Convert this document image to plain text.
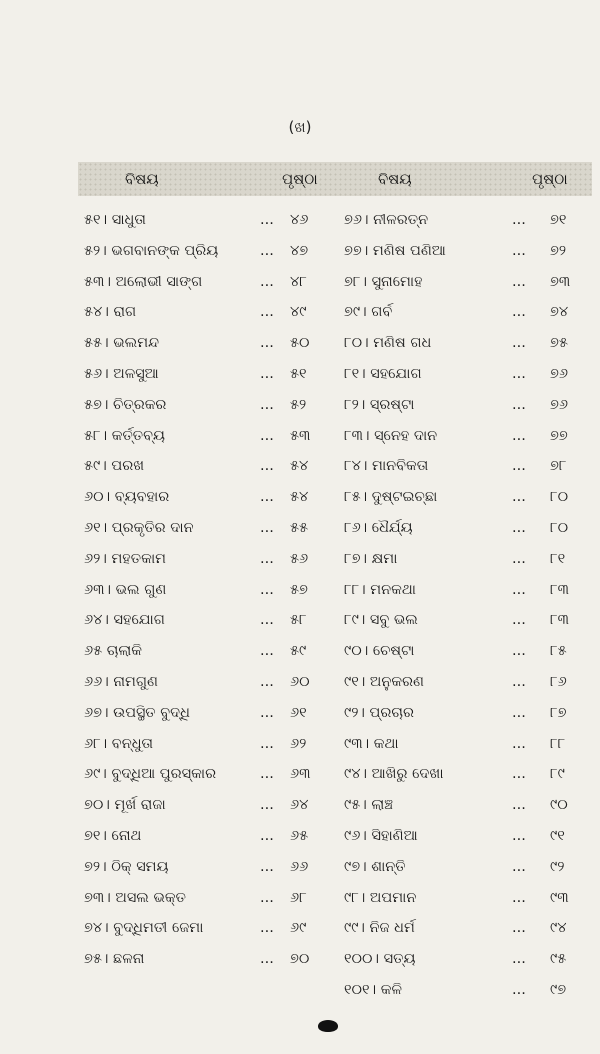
(ଖ)
ବିଷୟ	ପୃଷ୍ଠା	ବିଷୟ	ପୃଷ୍ଠା
୫୧। ସାଧୁତା	... ୪୬
୫୨। ଭଗବାନଙ୍କ ପ୍ରିୟ	... ୪୭
୫୩। ଅଲୋଭୀ ସାଙ୍ଗ	... ୪୮
୫୪। ରାଗ	... ୪୯
୫୫। ଭଲମନ୍ଦ	... ୫୦
୫୬। ଅଳସୁଆ	... ୫୧
୫୭। ଚିତ୍ରକର	... ୫୨
୫୮। କର୍ତ୍ତବ୍ୟ	... ୫୩
୫୯। ପରଖ	... ୫୪
୬୦। ବ୍ୟବହାର	... ୫୪
୬୧। ପ୍ରକୃତିର ଦାନ	... ୫୫
୬୨। ମହତକାମ	... ୫୬
୬୩। ଭଲ ଗୁଣ	... ୫୭
୬୪। ସହଯୋଗ	... ୫୮
୬୫ ଚାଲାକି	... ୫୯
୬୬। ନାମଗୁଣ	... ୬୦
୬୭। ଉପସ୍ଥିତ ବୁଦ୍ଧି	... ୬୧
୬୮। ବନ୍ଧୁତା	... ୬୨
୬୯। ବୁଦ୍ଧିଆ ପୁରସ୍କାର	... ୬୩
୭୦। ମୂର୍ଖ ରାଜା	... ୬୪
୭୧। ନୋଥ	... ୬୫
୭୨। ଠିକ୍ ସମୟ	... ୬୬
୭୩। ଅସଲ ଭକ୍ତ	... ୬୮
୭୪। ବୁଦ୍ଧିମତୀ ଜେମା	... ୬୯
୭୫। ଛଳନା	... ୭୦
୭୬। ନୀଳରତ୍ନ	... ୭୧
୭୭। ମଣିଷ ପଣିଆ	... ୭୨
୭୮। ସୁନାମୋହ	... ୭୩
୭୯। ଗର୍ବ	... ୭୪
୮୦। ମଣିଷ ଗଧ	... ୭୫
୮୧। ସହଯୋଗ	... ୭୬
୮୨। ସ୍ରଷ୍ଟା	... ୭୬
୮୩। ସ୍ନେହ ଦାନ	... ୭୭
୮୪। ମାନବିକତା	... ୭୮
୮୫। ଦୁଷ୍ଟଇଚ୍ଛା	... ୮୦
୮୬। ଧୈର୍ଯ୍ୟ	... ୮୦
୮୭। କ୍ଷମା	... ୮୧
୮୮। ମନକଥା	... ୮୩
୮୯। ସବୁ ଭଲ	... ୮୩
୯୦। ଚେଷ୍ଟା	... ୮୫
୯୧। ଅନୁକରଣ	... ୮୬
୯୨। ପ୍ରଚାର	... ୮୭
୯୩। କଥା	... ୮୮
୯୪। ଆଖିରୁ ଦେଖା	... ୮୯
୯୫। ଲାଞ୍ଚ	... ୯୦
୯୬। ସିହାଣିଆ	... ୯୧
୯୭। ଶାନ୍ତି	... ୯୨
୯୮। ଅପମାନ	... ୯୩
୯୯। ନିଜ ଧର୍ମ	... ୯୪
୧୦୦। ସତ୍ୟ	... ୯୫
୧୦୧। କଳି	... ୯୭
